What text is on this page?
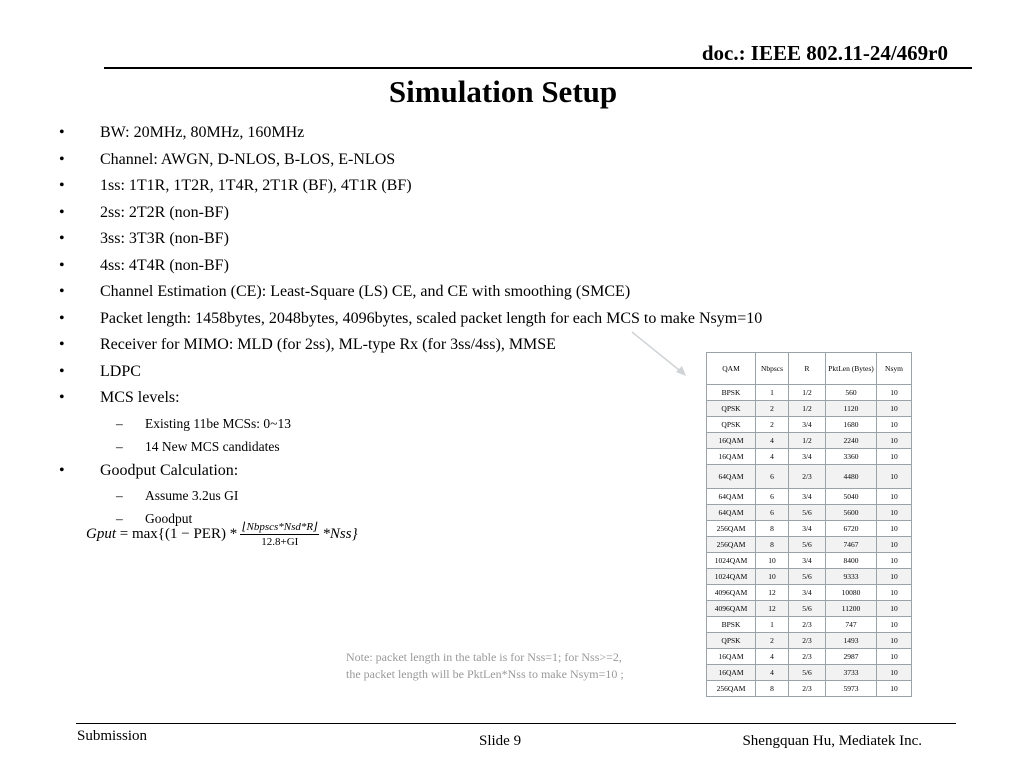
doc.: IEEE 802.11-24/469r0
Simulation Setup
• BW: 20MHz, 80MHz, 160MHz
• Channel: AWGN, D-NLOS, B-LOS, E-NLOS
• 1ss: 1T1R, 1T2R, 1T4R, 2T1R (BF), 4T1R (BF)
• 2ss: 2T2R (non-BF)
• 3ss: 3T3R (non-BF)
• 4ss: 4T4R (non-BF)
• Channel Estimation (CE): Least-Square (LS) CE, and CE with smoothing (SMCE)
• Packet length: 1458bytes, 2048bytes, 4096bytes, scaled packet length for each MCS to make Nsym=10
• Receiver for MIMO: MLD (for 2ss), ML-type Rx (for 3ss/4ss), MMSE
• LDPC
• MCS levels:
– Existing 11be MCSs: 0~13
– 14 New MCS candidates
• Goodput Calculation:
– Assume 3.2us GI
– Goodput
Gput
=
$\max\{(1 - PER) * \frac{\text{⌊Nbpscs*Nsd*R⌋}}{12.8+GI} *Nss\}$
Note: packet length in the table is for Nss=1; for Nss>=2,
the packet length will be PktLen*Nss to make Nsym=10 ;
QAM	Nbpscs	R	PktLen (Bytes)	Nsym
BPSK	1	1/2	560	10
QPSK	2	1/2	1120	10
QPSK	2	3/4	1680	10
16QAM	4	1/2	2240	10
16QAM	4	3/4	3360	10
64QAM	6	2/3	4480	10
64QAM	6	3/4	5040	10
64QAM	6	5/6	5600	10
256QAM	8	3/4	6720	10
256QAM	8	5/6	7467	10
1024QAM	10	3/4	8400	10
1024QAM	10	5/6	9333	10
4096QAM	12	3/4	10080	10
4096QAM	12	5/6	11200	10
BPSK	1	2/3	747	10
QPSK	2	2/3	1493	10
16QAM	4	2/3	2987	10
16QAM	4	5/6	3733	10
256QAM	8	2/3	5973	10
Submission	Slide 9	Shengquan Hu, Mediatek Inc.
